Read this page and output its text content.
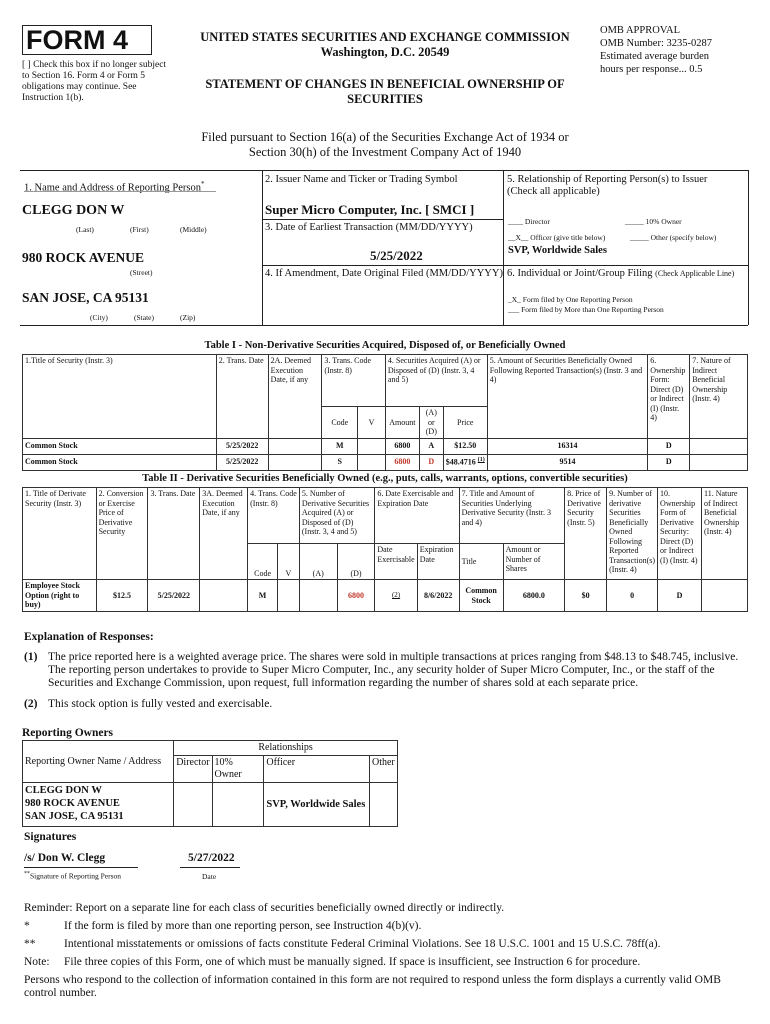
FORM 4
[ ] Check this box if no longer subject to Section 16. Form 4 or Form 5 obligations may continue. See Instruction 1(b).
UNITED STATES SECURITIES AND EXCHANGE COMMISSION
Washington, D.C. 20549
STATEMENT OF CHANGES IN BENEFICIAL OWNERSHIP OF
SECURITIES
OMB APPROVAL
OMB Number: 3235-0287
Estimated average burden
hours per response... 0.5
Filed pursuant to Section 16(a) of the Securities Exchange Act of 1934 or
Section 30(h) of the Investment Company Act of 1940
1. Name and Address of Reporting Person*
CLEGG DON W
(Last)	(First)	(Middle)
980 ROCK AVENUE
(Street)
SAN JOSE, CA 95131
(City)	(State)	(Zip)
2. Issuer Name and Ticker or Trading Symbol
Super Micro Computer, Inc. [ SMCI ]
3. Date of Earliest Transaction (MM/DD/YYYY)
5/25/2022
4. If Amendment, Date Original Filed (MM/DD/YYYY)
5. Relationship of Reporting Person(s) to Issuer (Check all applicable)
____ Director	_____ 10% Owner
__X__ Officer (give title below)	_____ Other (specify below)
SVP, Worldwide Sales
6. Individual or Joint/Group Filing (Check Applicable Line)
_X_ Form filed by One Reporting Person
___ Form filed by More than One Reporting Person
Table I - Non-Derivative Securities Acquired, Disposed of, or Beneficially Owned
1.Title of Security (Instr. 3)	2. Trans. Date	2A. Deemed Execution Date, if any	3. Trans. Code (Instr. 8)		4. Securities Acquired (A) or Disposed of (D) (Instr. 3, 4 and 5)			5. Amount of Securities Beneficially Owned Following Reported Transaction(s) (Instr. 3 and 4)	6. Ownership Form: Direct (D) or Indirect (I) (Instr. 4)	7. Nature of Indirect Beneficial Ownership (Instr. 4)
			Code	V	Amount	(A) or (D)	Price			
Common Stock	5/25/2022		M		6800	A	$12.50	16314	D	
Common Stock	5/25/2022		S		6800	D	$48.4716 $^{(1)}$	9514	D	
Table II - Derivative Securities Beneficially Owned (e.g., puts, calls, warrants, options, convertible securities)
1. Title of Derivate Security (Instr. 3)	2. Conversion or Exercise Price of Derivative Security	3. Trans. Date	3A. Deemed Execution Date, if any	4. Trans. Code (Instr. 8)		5. Number of Derivative Securities Acquired (A) or Disposed of (D) (Instr. 3, 4 and 5)		6. Date Exercisable and Expiration Date		7. Title and Amount of Securities Underlying Derivative Security (Instr. 3 and 4)		8. Price of Derivative Security (Instr. 5)	9. Number of derivative Securities Beneficially Owned Following Reported Transaction(s) (Instr. 4)	10. Ownership Form of Derivative Security: Direct (D) or Indirect (I) (Instr. 4)	11. Nature of Indirect Beneficial Ownership (Instr. 4)
				Code	V	(A)	(D)	Date Exercisable	Expiration Date	Title	Amount or Number of Shares				
Employee Stock Option (right to buy)	$12.5	5/25/2022		M			6800	(2)	8/6/2022	Common Stock	6800.0	$0	0	D	
Explanation of Responses:
(1) The price reported here is a weighted average price. The shares were sold in multiple transactions at prices ranging from $48.13 to $48.745, inclusive. The reporting person undertakes to provide to Super Micro Computer, Inc., any security holder of Super Micro Computer, Inc., or the staff of the Securities and Exchange Commission, upon request, full information regarding the number of shares sold at each separate price.
(2) This stock option is fully vested and exercisable.
Reporting Owners
Reporting Owner Name / Address	Relationships			
	Director	10% Owner	Officer	Other

CLEGG DON W
980 ROCK AVENUE
SAN JOSE, CA 95131			SVP, Worldwide Sales	
Signatures
/s/ Don W. Clegg	5/27/2022
**Signature of Reporting Person	Date
Reminder: Report on a separate line for each class of securities beneficially owned directly or indirectly.
*	If the form is filed by more than one reporting person, see Instruction 4(b)(v).
** Intentional misstatements or omissions of facts constitute Federal Criminal Violations. See 18 U.S.C. 1001 and 15 U.S.C. 78ff(a).
Note: File three copies of this Form, one of which must be manually signed. If space is insufficient, see Instruction 6 for procedure.
Persons who respond to the collection of information contained in this form are not required to respond unless the form displays a currently valid OMB control number.
